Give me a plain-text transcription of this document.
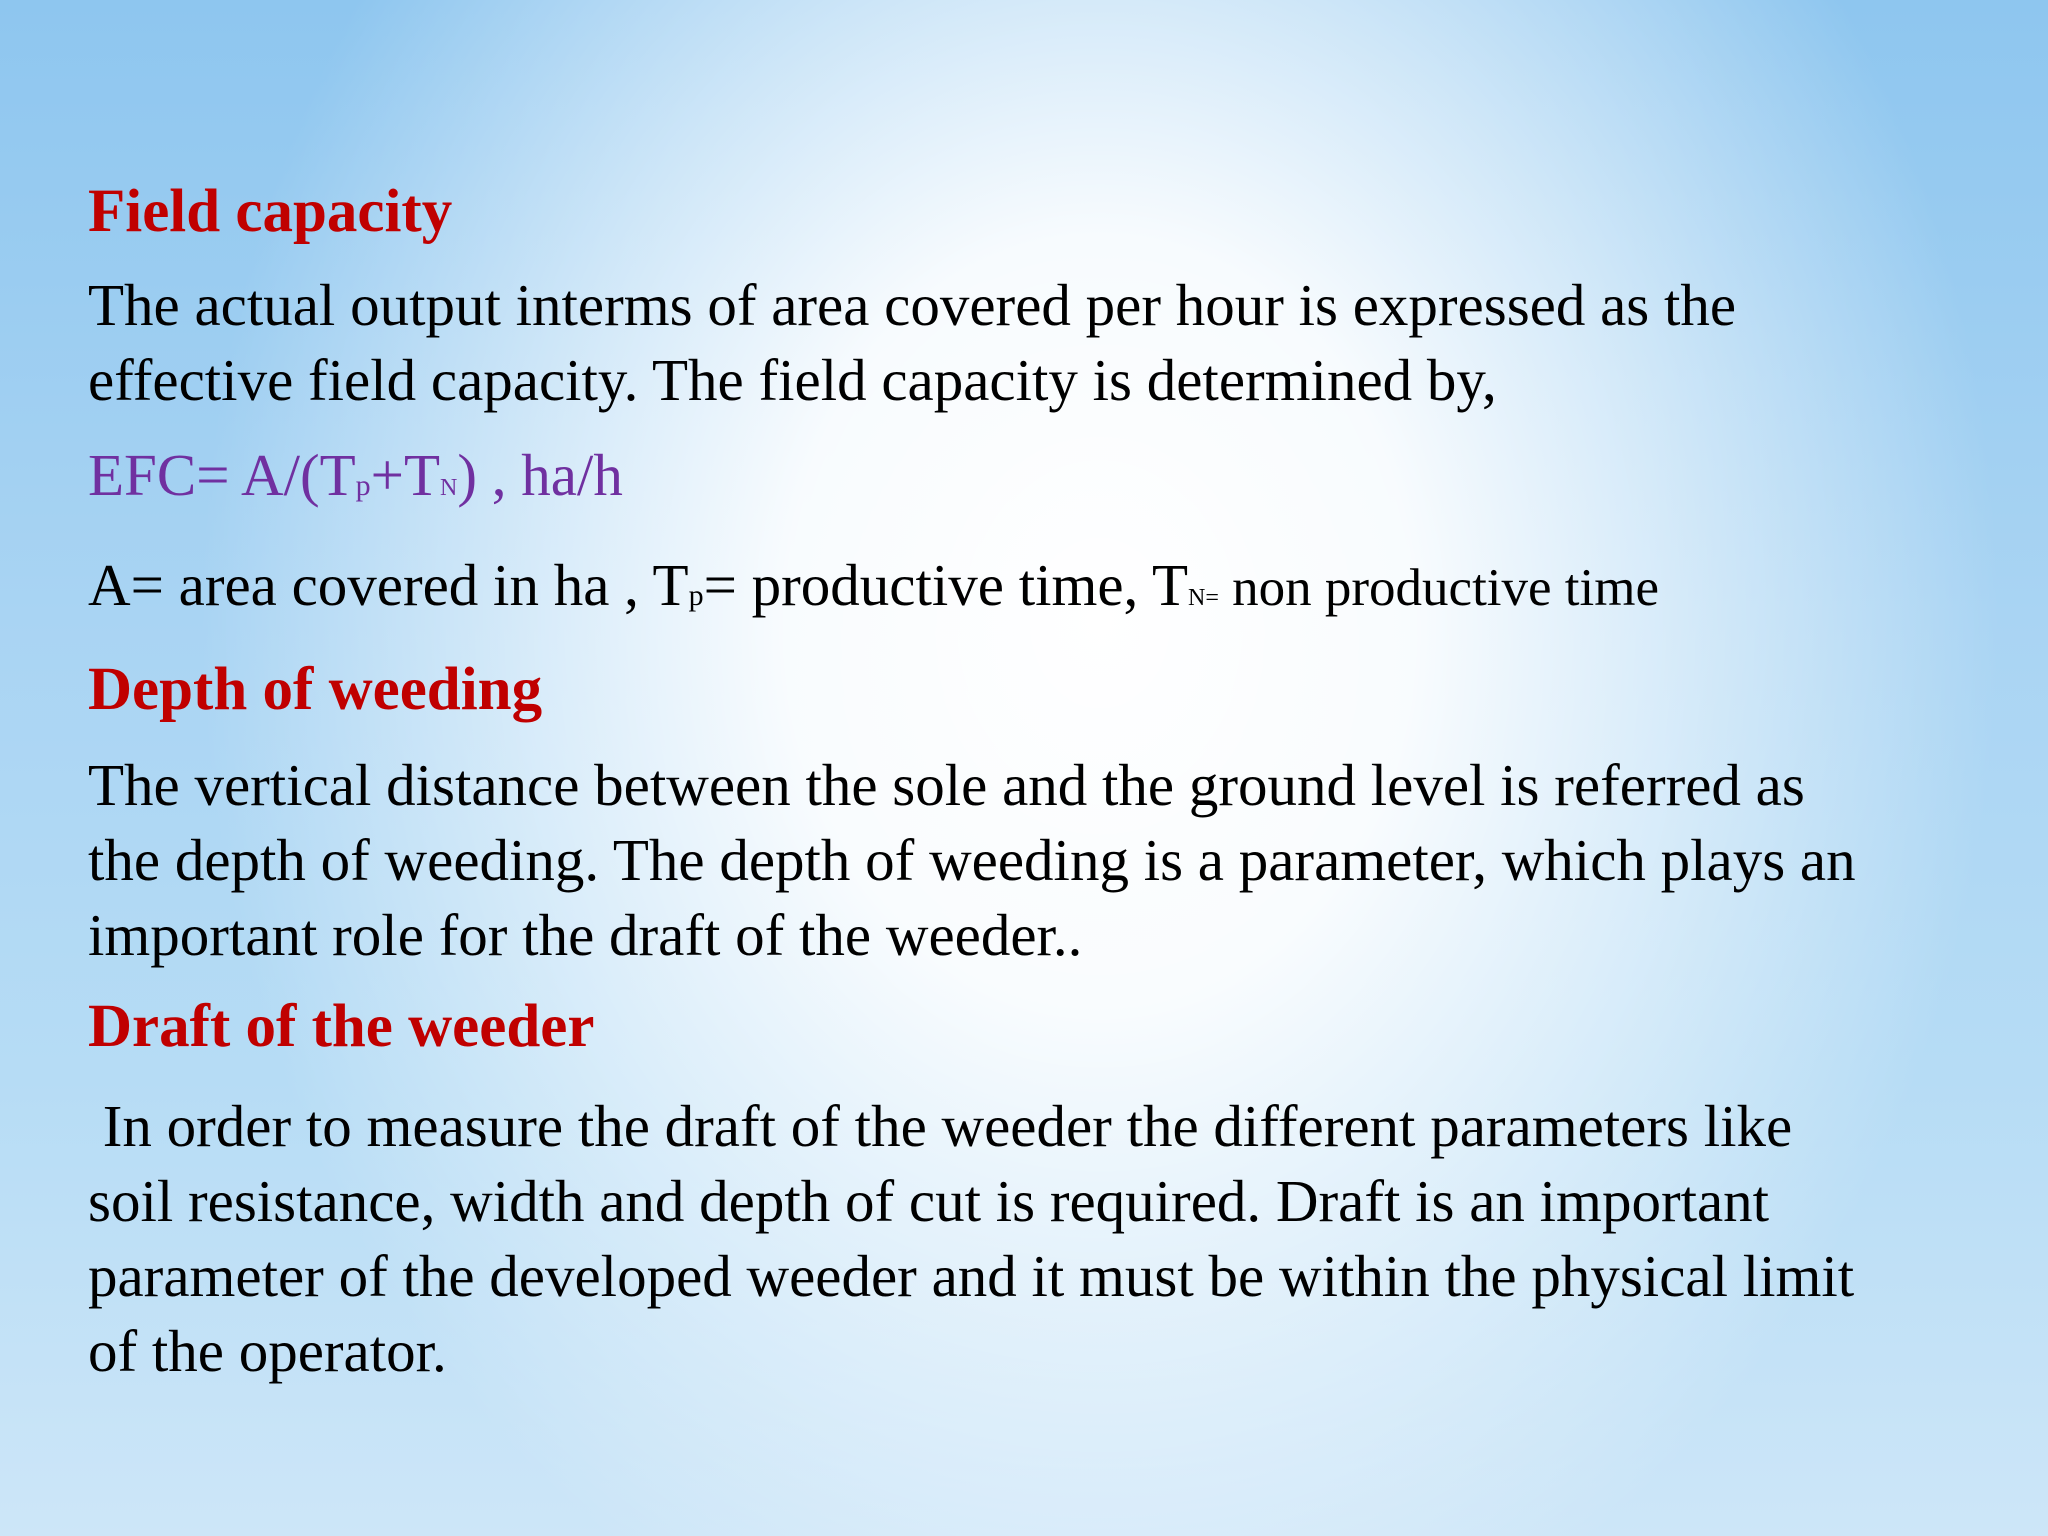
Field capacity

The actual output interms of area covered per hour is expressed as the
effective field capacity. The field capacity is determined by,
EFC= A/(Tp+TN) , ha/h
A= area covered in ha , Tp= productive time, TN= non productive time

Depth of weeding

The vertical distance between the sole and the ground level is referred as
the depth of weeding. The depth of weeding is a parameter, which plays an
important role for the draft of the weeder..

Draft of the weeder

In order to measure the draft of the weeder the different parameters like
soil resistance, width and depth of cut is required. Draft is an important
parameter of the developed weeder and it must be within the physical limit
of the operator.
